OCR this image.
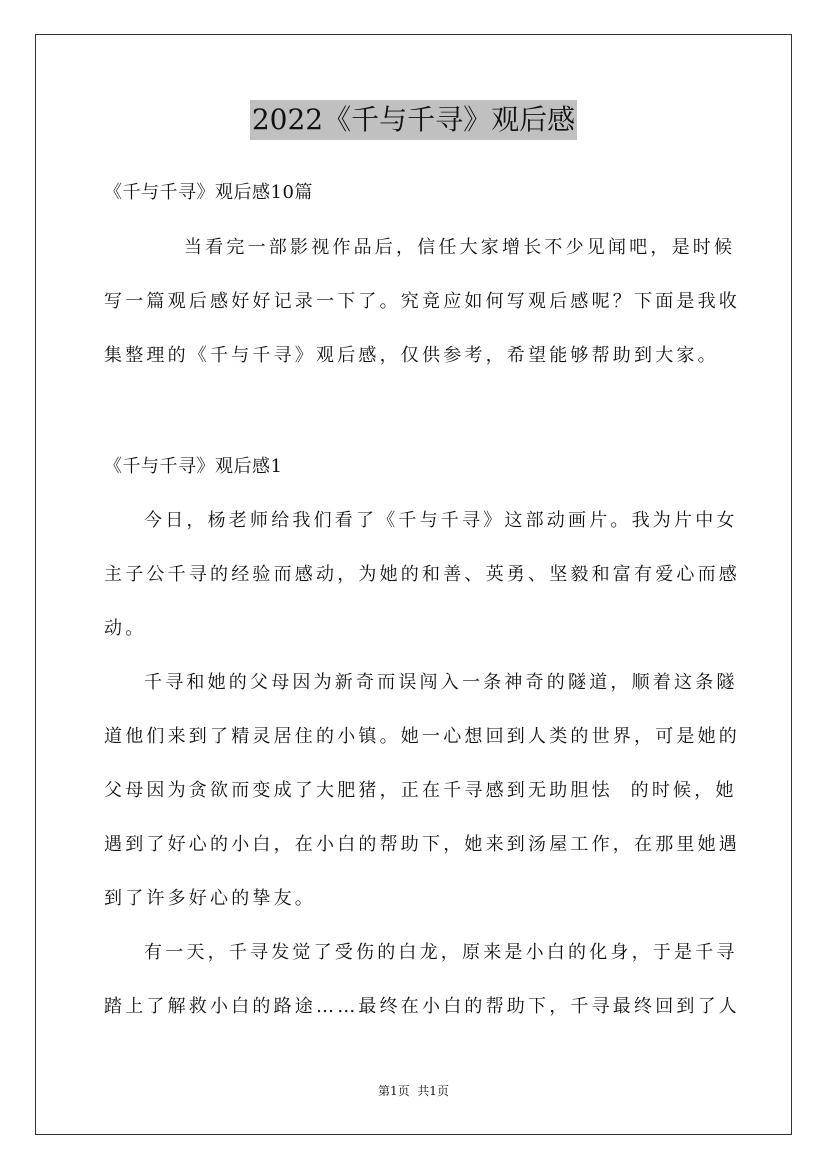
2022《千与千寻》观后感
《千与千寻》观后感10篇
当看完一部影视作品后，信任大家增长不少见闻吧，是时候
写一篇观后感好好记录一下了。究竟应如何写观后感呢？下面是我收
集整理的《千与千寻》观后感，仅供参考，希望能够帮助到大家。
《千与千寻》观后感1
今日，杨老师给我们看了《千与千寻》这部动画片。我为片中女
主子公千寻的经验而感动，为她的和善、英勇、坚毅和富有爱心而感
动。
千寻和她的父母因为新奇而误闯入一条神奇的隧道，顺着这条隧
道他们来到了精灵居住的小镇。她一心想回到人类的世界，可是她的
父母因为贪欲而变成了大肥猪，正在千寻感到无助胆怯  的时候，她
遇到了好心的小白，在小白的帮助下，她来到汤屋工作，在那里她遇
到了许多好心的挚友。
有一天，千寻发觉了受伤的白龙，原来是小白的化身，于是千寻
踏上了解救小白的路途……最终在小白的帮助下，千寻最终回到了人
第1页  共1页
